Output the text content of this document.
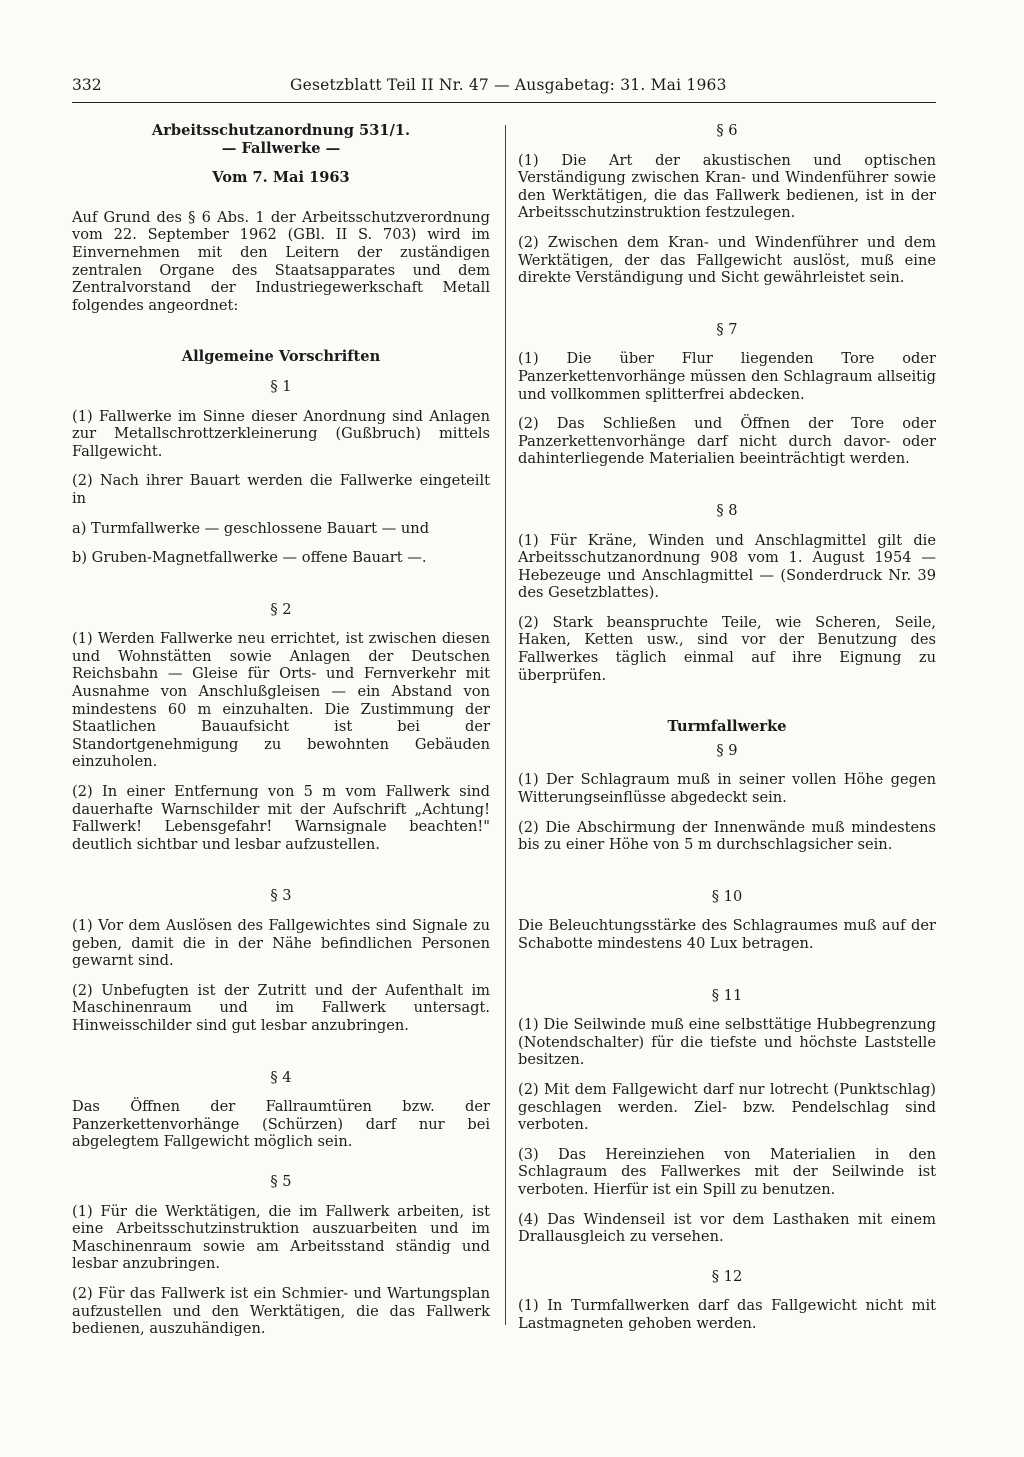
332	Gesetzblatt Teil II Nr. 47 — Ausgabetag: 31. Mai 1963

Arbeitsschutzanordnung 531/1.

— Fallwerke —

Vom 7. Mai 1963

Auf Grund des § 6 Abs. 1 der Arbeitsschutzverordnung vom 22. September 1962 (GBl. II S. 703) wird im Einvernehmen mit den Leitern der zuständigen zentralen Organe des Staatsapparates und dem Zentralvorstand der Industriegewerkschaft Metall folgendes angeordnet:

Allgemeine Vorschriften

§ 1

(1) Fallwerke im Sinne dieser Anordnung sind Anlagen zur Metallschrottzerkleinerung (Gußbruch) mittels Fallgewicht.

(2) Nach ihrer Bauart werden die Fallwerke eingeteilt in

a) Turmfallwerke — geschlossene Bauart — und

b) Gruben-Magnetfallwerke — offene Bauart —.

§ 2

(1) Werden Fallwerke neu errichtet, ist zwischen diesen und Wohnstätten sowie Anlagen der Deutschen Reichsbahn — Gleise für Orts- und Fernverkehr mit Ausnahme von Anschlußgleisen — ein Abstand von mindestens 60 m einzuhalten. Die Zustimmung der Staatlichen Bauaufsicht ist bei der Standortgenehmigung zu bewohnten Gebäuden einzuholen.

(2) In einer Entfernung von 5 m vom Fallwerk sind dauerhafte Warnschilder mit der Aufschrift „Achtung! Fallwerk! Lebensgefahr! Warnsignale beachten!" deutlich sichtbar und lesbar aufzustellen.

§ 3

(1) Vor dem Auslösen des Fallgewichtes sind Signale zu geben, damit die in der Nähe befindlichen Personen gewarnt sind.

(2) Unbefugten ist der Zutritt und der Aufenthalt im Maschinenraum und im Fallwerk untersagt. Hinweisschilder sind gut lesbar anzubringen.

§ 4

Das Öffnen der Fallraumtüren bzw. der Panzerkettenvorhänge (Schürzen) darf nur bei abgelegtem Fallgewicht möglich sein.

§ 5

(1) Für die Werktätigen, die im Fallwerk arbeiten, ist eine Arbeitsschutzinstruktion auszuarbeiten und im Maschinenraum sowie am Arbeitsstand ständig und lesbar anzubringen.

(2) Für das Fallwerk ist ein Schmier- und Wartungsplan aufzustellen und den Werktätigen, die das Fallwerk bedienen, auszuhändigen.

§ 6

(1) Die Art der akustischen und optischen Verständigung zwischen Kran- und Windenführer sowie den Werktätigen, die das Fallwerk bedienen, ist in der Arbeitsschutzinstruktion festzulegen.

(2) Zwischen dem Kran- und Windenführer und dem Werktätigen, der das Fallgewicht auslöst, muß eine direkte Verständigung und Sicht gewährleistet sein.

§ 7

(1) Die über Flur liegenden Tore oder Panzerkettenvorhänge müssen den Schlagraum allseitig und vollkommen splitterfrei abdecken.

(2) Das Schließen und Öffnen der Tore oder Panzerkettenvorhänge darf nicht durch davor- oder dahinterliegende Materialien beeinträchtigt werden.

§ 8

(1) Für Kräne, Winden und Anschlagmittel gilt die Arbeitsschutzanordnung 908 vom 1. August 1954 — Hebezeuge und Anschlagmittel — (Sonderdruck Nr. 39 des Gesetzblattes).

(2) Stark beanspruchte Teile, wie Scheren, Seile, Haken, Ketten usw., sind vor der Benutzung des Fallwerkes täglich einmal auf ihre Eignung zu überprüfen.

Turmfallwerke

§ 9

(1) Der Schlagraum muß in seiner vollen Höhe gegen Witterungseinflüsse abgedeckt sein.

(2) Die Abschirmung der Innenwände muß mindestens bis zu einer Höhe von 5 m durchschlagsicher sein.

§ 10

Die Beleuchtungsstärke des Schlagraumes muß auf der Schabotte mindestens 40 Lux betragen.

§ 11

(1) Die Seilwinde muß eine selbsttätige Hubbegrenzung (Notendschalter) für die tiefste und höchste Laststelle besitzen.

(2) Mit dem Fallgewicht darf nur lotrecht (Punktschlag) geschlagen werden. Ziel- bzw. Pendelschlag sind verboten.

(3) Das Hereinziehen von Materialien in den Schlagraum des Fallwerkes mit der Seilwinde ist verboten. Hierfür ist ein Spill zu benutzen.

(4) Das Windenseil ist vor dem Lasthaken mit einem Drallausgleich zu versehen.

§ 12

(1) In Turmfallwerken darf das Fallgewicht nicht mit Lastmagneten gehoben werden.
